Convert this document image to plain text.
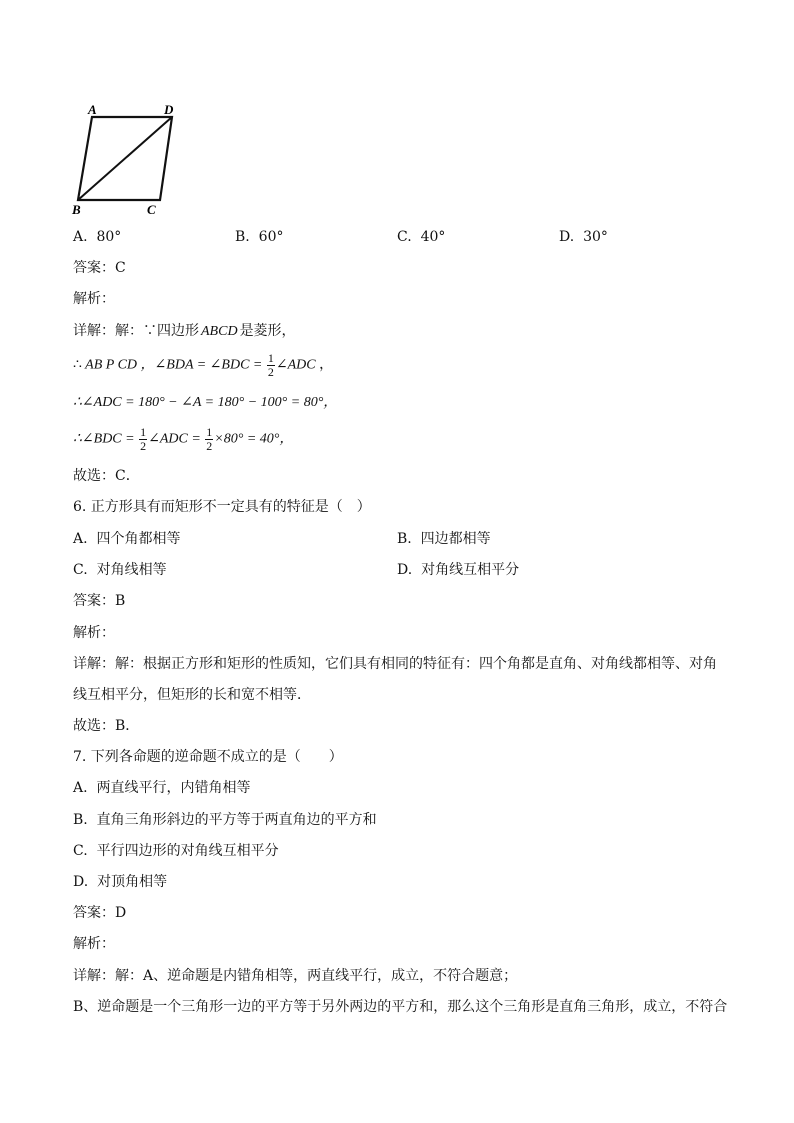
A	D
B	C
A. 80°	B. 60°	C. 40°	D. 30°
答案：C
解析：
详解：解：∵四边形 ABCD 是菱形，
∴ AB P CD ，∠BDA = ∠BDC = $\frac{1}{2}$ ∠ADC ，
∴∠ADC = 180° − ∠A = 180° − 100° = 80°，
∴∠BDC = $\frac{1}{2}$ ∠ADC = $\frac{1}{2} \times 80^\circ = 40^\circ$，
故选：C．
6. 正方形具有而矩形不一定具有的特征是（　）
A. 四个角都相等	B. 四边都相等
C. 对角线相等	D. 对角线互相平分
答案：B
解析：
详解：解：根据正方形和矩形的性质知，它们具有相同的特征有：四个角都是直角、对角线都相等、对角
线互相平分，但矩形的长和宽不相等．
故选：B．
7. 下列各命题的逆命题不成立的是（　　）
A. 两直线平行，内错角相等
B. 直角三角形斜边的平方等于两直角边的平方和
C. 平行四边形的对角线互相平分
D. 对顶角相等
答案：D
解析：
详解：解：A、逆命题是内错角相等，两直线平行，成立，不符合题意；
B、逆命题是一个三角形一边的平方等于另外两边的平方和，那么这个三角形是直角三角形，成立，不符合
